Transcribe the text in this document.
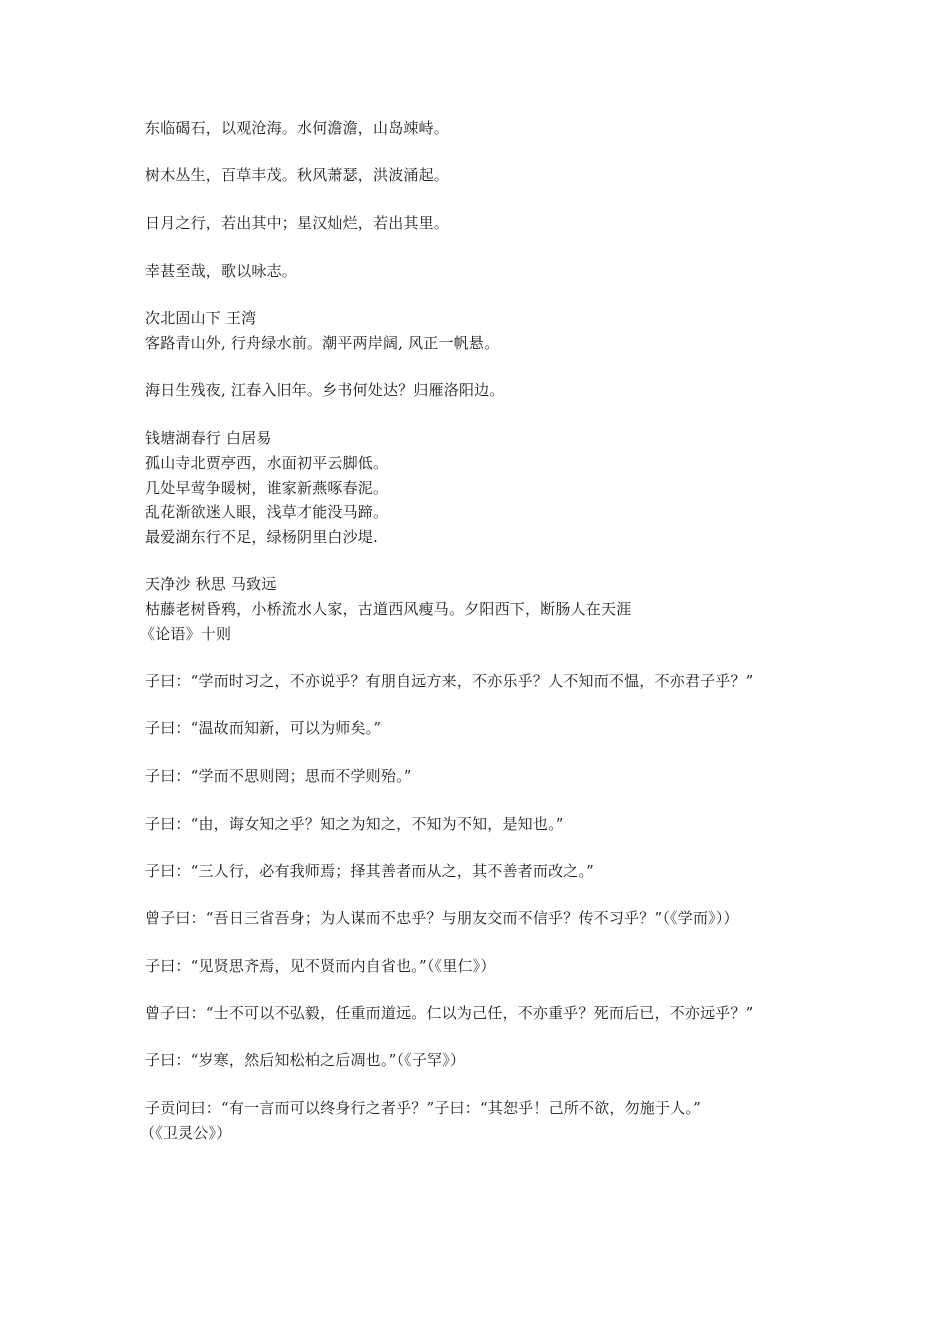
东临碣石，以观沧海。水何澹澹，山岛竦峙。
树木丛生，百草丰茂。秋风萧瑟，洪波涌起。
日月之行，若出其中；星汉灿烂，若出其里。
幸甚至哉，歌以咏志。
次北固山下 王湾
客路青山外, 行舟绿水前。潮平两岸阔, 风正一帆悬。
海日生残夜, 江春入旧年。乡书何处达？归雁洛阳边。
钱塘湖春行 白居易
孤山寺北贾亭西，水面初平云脚低。
几处早莺争暖树，谁家新燕啄春泥。
乱花渐欲迷人眼，浅草才能没马蹄。
最爱湖东行不足，绿杨阴里白沙堤.
天净沙 秋思 马致远
枯藤老树昏鸦，小桥流水人家，古道西风瘦马。夕阳西下，断肠人在天涯
《论语》十则
子曰：“学而时习之，不亦说乎？有朋自远方来，不亦乐乎？人不知而不愠，不亦君子乎？”
子曰：“温故而知新，可以为师矣。”
子曰：“学而不思则罔；思而不学则殆。”
子曰：“由，诲女知之乎？知之为知之，不知为不知，是知也。”
子曰：“三人行，必有我师焉；择其善者而从之，其不善者而改之。”
曾子曰：“吾日三省吾身；为人谋而不忠乎？与朋友交而不信乎？传不习乎？”（《学而》））
子曰：“见贤思齐焉，见不贤而内自省也。”（《里仁》）
曾子曰：“士不可以不弘毅，任重而道远。仁以为己任，不亦重乎？死而后已，不亦远乎？”
子曰：“岁寒，然后知松柏之后凋也。”（《子罕》）
子贡问曰：“有一言而可以终身行之者乎？”子曰：“其恕乎！己所不欲，勿施于人。”
（《卫灵公》）
